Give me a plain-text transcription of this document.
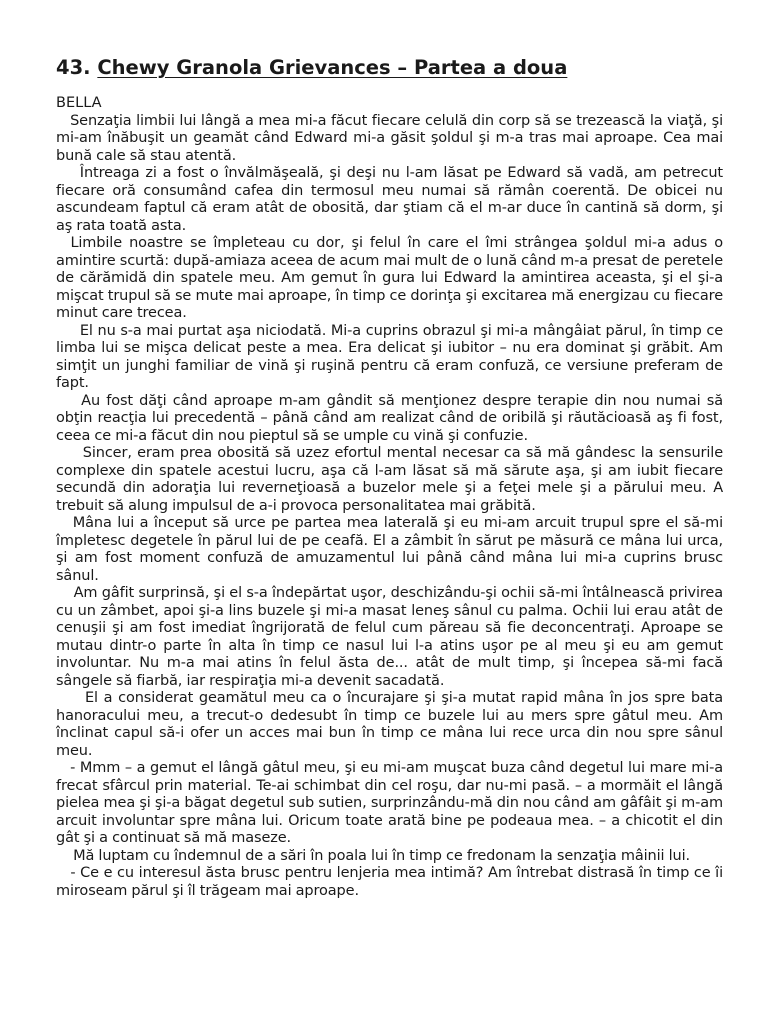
43. Chewy Granola Grievances – Partea a doua

BELLA

Senzaţia limbii lui lângă a mea mi-a făcut fiecare celulă din corp să se trezească la viaţă, şi mi-am înăbuşit un geamăt când Edward mi-a găsit şoldul şi m-a tras mai aproape. Cea mai bună cale să stau atentă.

Întreaga zi a fost o învălmăşeală, şi deşi nu l-am lăsat pe Edward să vadă, am petrecut fiecare oră consumând cafea din termosul meu numai să rămân coerentă. De obicei nu ascundeam faptul că eram atât de obosită, dar ştiam că el m-ar duce în cantină să dorm, şi aş rata toată asta.

Limbile noastre se împleteau cu dor, şi felul în care el îmi strângea şoldul mi-a adus o amintire scurtă: după-amiaza aceea de acum mai mult de o lună când m-a presat de peretele de cărămidă din spatele meu. Am gemut în gura lui Edward la amintirea aceasta, şi el şi-a mişcat trupul să se mute mai aproape, în timp ce dorinţa şi excitarea mă energizau cu fiecare minut care trecea.

El nu s-a mai purtat aşa niciodată. Mi-a cuprins obrazul şi mi-a mângâiat părul, în timp ce limba lui se mişca delicat peste a mea. Era delicat şi iubitor – nu era dominat şi grăbit. Am simţit un junghi familiar de vină şi ruşină pentru că eram confuză, ce versiune preferam de fapt.

Au fost dăţi când aproape m-am gândit să menţionez despre terapie din nou numai să obţin reacţia lui precedentă – până când am realizat când de oribilă şi răutăcioasă aş fi fost, ceea ce mi-a făcut din nou pieptul să se umple cu vină şi confuzie.

Sincer, eram prea obosită să uzez efortul mental necesar ca să mă gândesc la sensurile complexe din spatele acestui lucru, aşa că l-am lăsat să mă sărute aşa, şi am iubit fiecare secundă din adoraţia lui reverneţioasă a buzelor mele şi a feţei mele şi a părului meu. A trebuit să alung impulsul de a-i provoca personalitatea mai grăbită.

Mâna lui a început să urce pe partea mea laterală şi eu mi-am arcuit trupul spre el să-mi împletesc degetele în părul lui de pe ceafă. El a zâmbit în sărut pe măsură ce mâna lui urca, şi am fost moment confuză de amuzamentul lui până când mâna lui mi-a cuprins brusc sânul.

Am gâfit surprinsă, şi el s-a îndepărtat uşor, deschizându-şi ochii să-mi întâlnească privirea cu un zâmbet, apoi şi-a lins buzele şi mi-a masat leneş sânul cu palma. Ochii lui erau atât de cenuşii şi am fost imediat îngrijorată de felul cum păreau să fie deconcentraţi. Aproape se mutau dintr-o parte în alta în timp ce nasul lui l-a atins uşor pe al meu şi eu am gemut involuntar. Nu m-a mai atins în felul ăsta de... atât de mult timp, şi începea să-mi facă sângele să fiarbă, iar respiraţia mi-a devenit sacadată.

El a considerat geamătul meu ca o încurajare şi şi-a mutat rapid mâna în jos spre bata hanoracului meu, a trecut-o dedesubt în timp ce buzele lui au mers spre gâtul meu. Am înclinat capul să-i ofer un acces mai bun în timp ce mâna lui rece urca din nou spre sânul meu.

- Mmm – a gemut el lângă gâtul meu, şi eu mi-am muşcat buza când degetul lui mare mi-a frecat sfârcul prin material. Te-ai schimbat din cel roşu, dar nu-mi pasă. – a mormăit el lângă pielea mea şi şi-a băgat degetul sub sutien, surprinzându-mă din nou când am gâfâit şi m-am arcuit involuntar spre mâna lui. Oricum toate arată bine pe podeaua mea. – a chicotit el din gât şi a continuat să mă maseze.

Mă luptam cu îndemnul de a sări în poala lui în timp ce fredonam la senzaţia mâinii lui.

- Ce e cu interesul ăsta brusc pentru lenjeria mea intimă? Am întrebat distrasă în timp ce îi miroseam părul şi îl trăgeam mai aproape.
